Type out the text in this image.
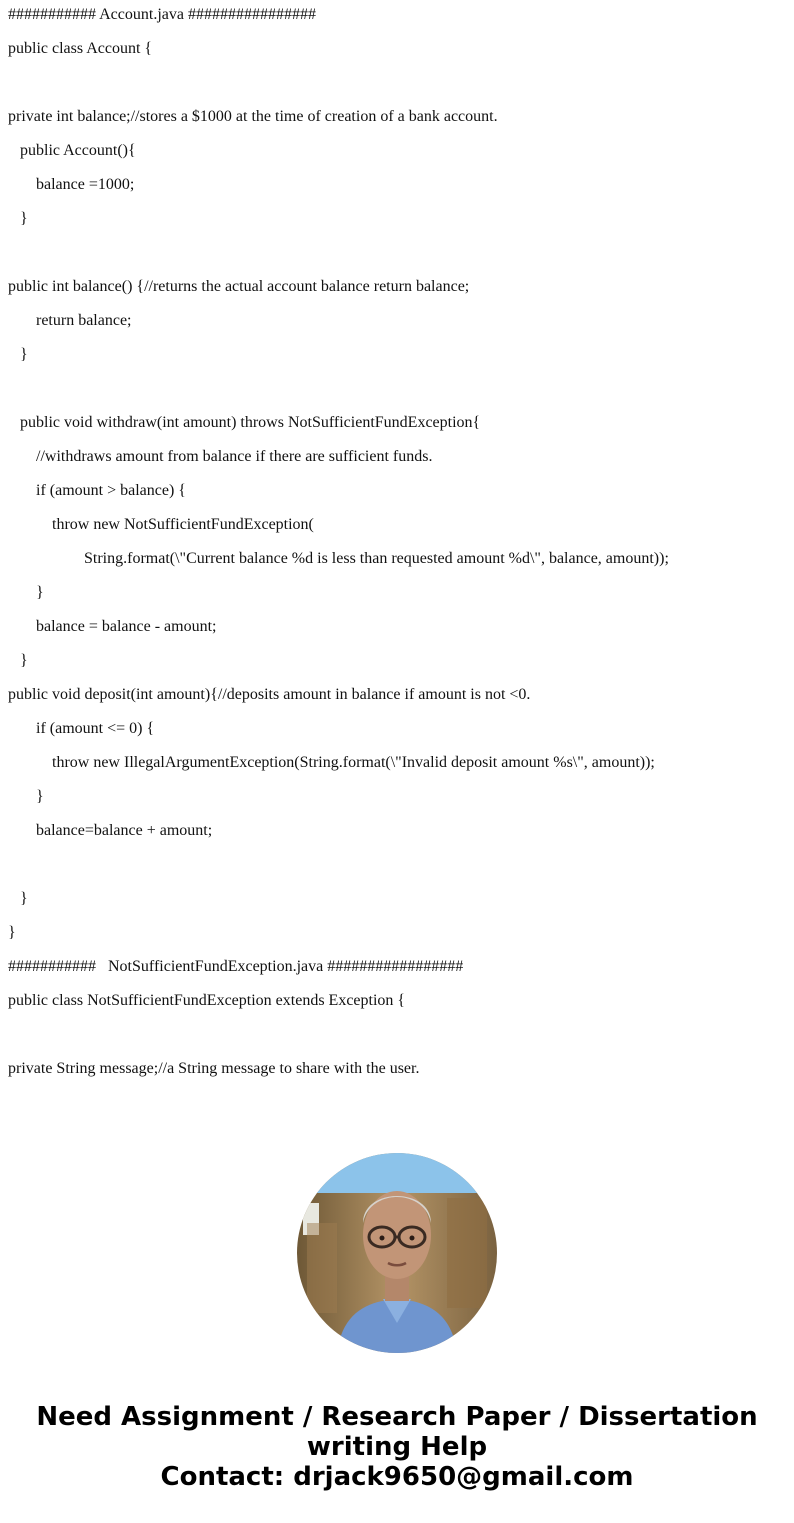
########### Account.java ################
public class Account {
private int balance;//stores a $1000 at the time of creation of a bank account.
public Account(){
balance =1000;
}
public int balance() {//returns the actual account balance return balance;
return balance;
}
public void withdraw(int amount) throws NotSufficientFundException{
//withdraws amount from balance if there are sufficient funds.
if (amount > balance) {
throw new NotSufficientFundException(
String.format(\"Current balance %d is less than requested amount %d\", balance, amount));
}
balance = balance - amount;
}
public void deposit(int amount){//deposits amount in balance if amount is not <0.
if (amount <= 0) {
throw new IllegalArgumentException(String.format(\"Invalid deposit amount %s\", amount));
}
balance=balance + amount;
}
}
###########   NotSufficientFundException.java #################
public class NotSufficientFundException extends Exception {
private String message;//a String message to share with the user.
Need Assignment / Research Paper / Dissertation
writing Help
Contact: drjack9650@gmail.com
